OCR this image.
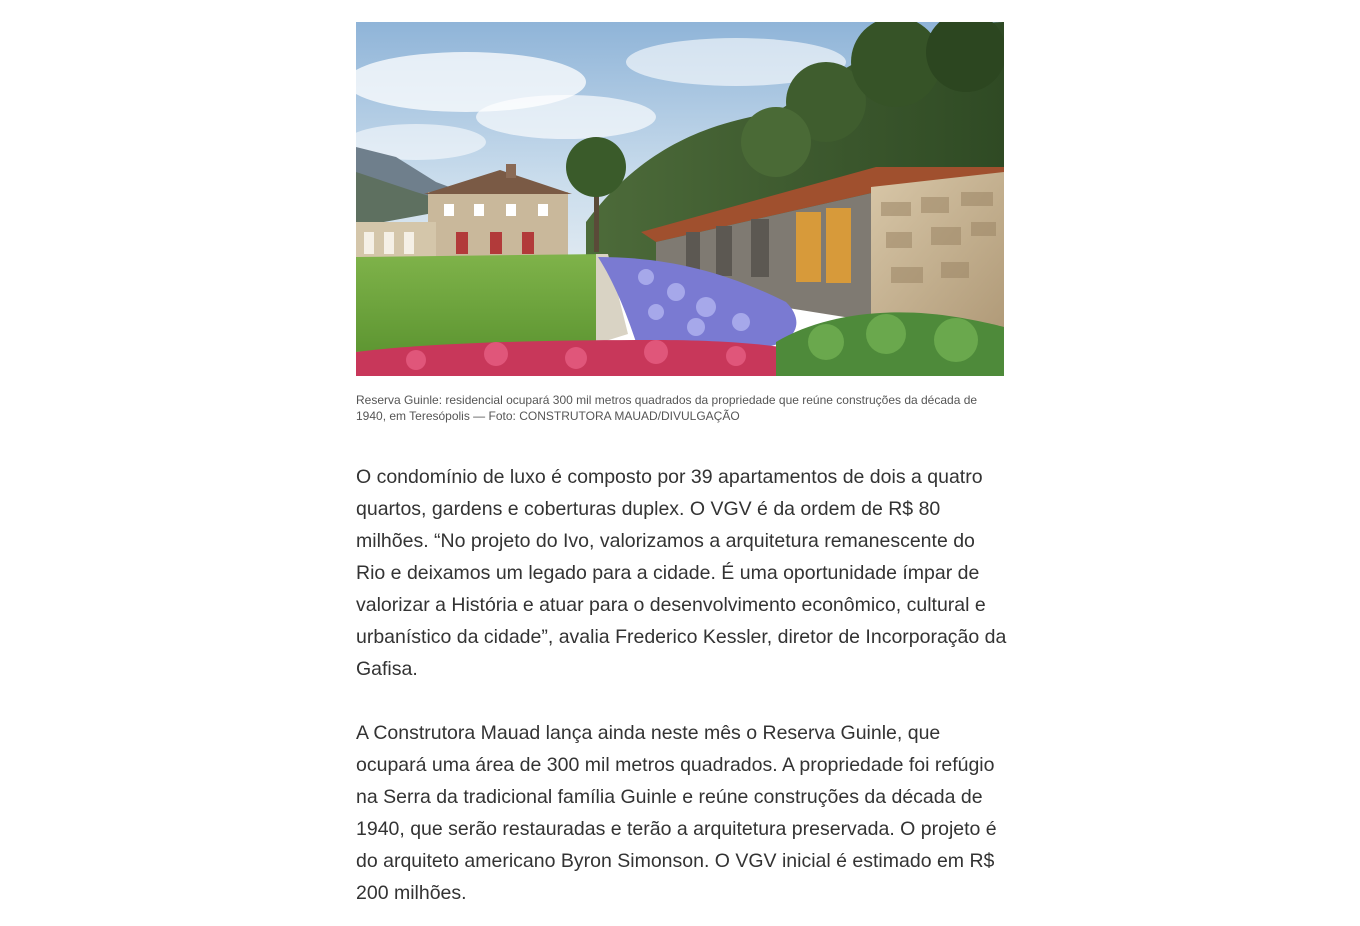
Reserva Guinle: residencial ocupará 300 mil metros quadrados da propriedade que reúne construções da década de 1940, em Teresópolis — Foto: CONSTRUTORA MAUAD/DIVULGAÇÃO

O condomínio de luxo é composto por 39 apartamentos de dois a quatro quartos, gardens e coberturas duplex. O VGV é da ordem de R$ 80 milhões. “No projeto do Ivo, valorizamos a arquitetura remanescente do Rio e deixamos um legado para a cidade. É uma oportunidade ímpar de valorizar a História e atuar para o desenvolvimento econômico, cultural e urbanístico da cidade”, avalia Frederico Kessler, diretor de Incorporação da Gafisa.

A Construtora Mauad lança ainda neste mês o Reserva Guinle, que ocupará uma área de 300 mil metros quadrados. A propriedade foi refúgio na Serra da tradicional família Guinle e reúne construções da década de 1940, que serão restauradas e terão a arquitetura preservada. O projeto é do arquiteto americano Byron Simonson. O VGV inicial é estimado em R$ 200 milhões.
